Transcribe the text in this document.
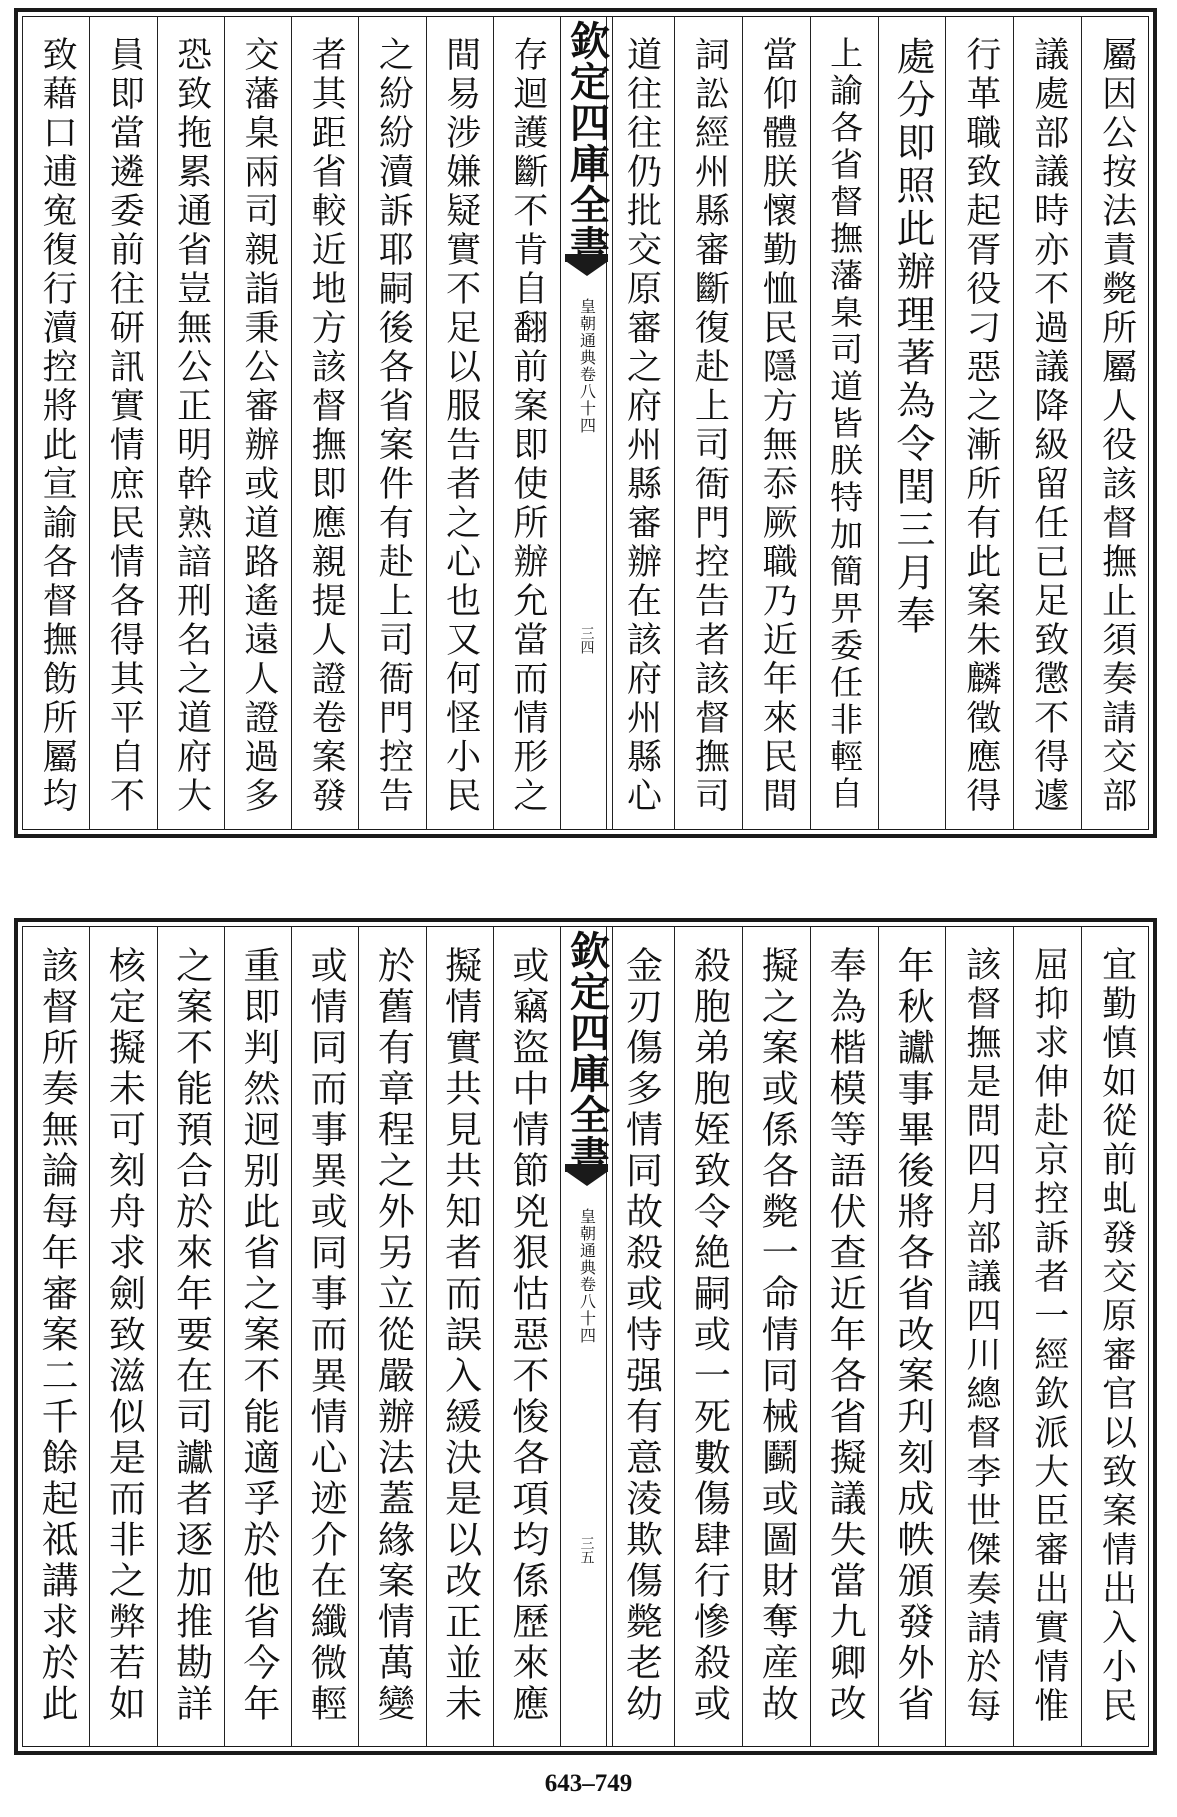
屬因公按法責斃所屬人役該督撫止須奏請交部
議處部議時亦不過議降級留任已足致懲不得遽
行革職致起胥役刁惡之漸所有此案朱麟徵應得
處分即照此辦理著為令閏三月奉
上諭各省督撫藩臬司道皆朕特加簡畀委任非輕自
當仰體朕懷勤恤民隱方無忝厥職乃近年來民間
詞訟經州縣審斷復赴上司衙門控告者該督撫司
道往往仍批交原審之府州縣審辦在該府州縣心
欽定四庫全書
皇朝通典卷八十四
三四
存迴護斷不肯自翻前案即使所辦允當而情形之
間易涉嫌疑實不足以服告者之心也又何怪小民
之紛紛瀆訴耶嗣後各省案件有赴上司衙門控告
者其距省較近地方該督撫即應親提人證卷案發
交藩臬兩司親詣秉公審辦或道路遙遠人證過多
恐致拖累通省豈無公正明幹熟諳刑名之道府大
員即當遴委前往研訊實情庶民情各得其平自不
致藉口逋寃復行瀆控將此宣諭各督撫飭所屬均
宜勤慎如從前虬發交原審官以致案情出入小民
屈抑求伸赴京控訴者一經欽派大臣審出實情惟
該督撫是問四月部議四川總督李世傑奏請於每
年秋讞事畢後將各省改案刋刻成帙頒發外省
奉為楷模等語伏查近年各省擬議失當九卿改
擬之案或係各斃一命情同械鬬或圖財奪産故
殺胞弟胞姪致令絶嗣或一死數傷肆行慘殺或
金刃傷多情同故殺或恃强有意淩欺傷斃老幼
欽定四庫全書
皇朝通典卷八十四
三五
或竊盜中情節兇狠怙惡不悛各項均係歷來應
擬情實共見共知者而誤入緩決是以改正並未
於舊有章程之外另立從嚴辦法蓋緣案情萬變
或情同而事異或同事而異情心迹介在纖微輕
重即判然迥别此省之案不能適孚於他省今年
之案不能預合於來年要在司讞者逐加推勘詳
核定擬未可刻舟求劍致滋似是而非之弊若如
該督所奏無論每年審案二千餘起祗講求於此
643–749
